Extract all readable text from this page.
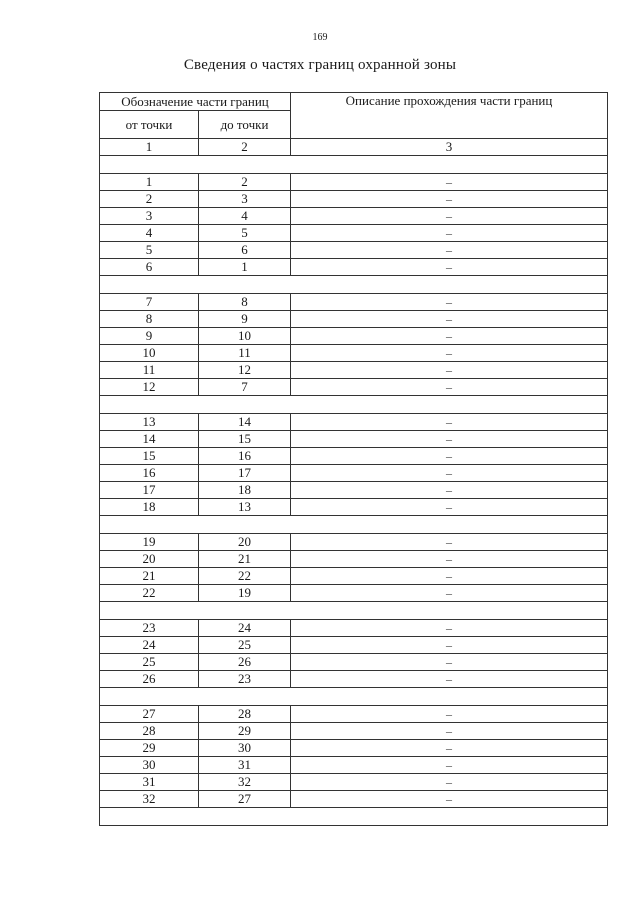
169
Сведения о частях границ охранной зоны
Обозначение части границ		Описание прохождения части границ
от точки	до точки	
1	2	3

1	2	–
2	3	–
3	4	–
4	5	–
5	6	–
6	1	–

7	8	–
8	9	–
9	10	–
10	11	–
11	12	–
12	7	–

13	14	–
14	15	–
15	16	–
16	17	–
17	18	–
18	13	–

19	20	–
20	21	–
21	22	–
22	19	–

23	24	–
24	25	–
25	26	–
26	23	–

27	28	–
28	29	–
29	30	–
30	31	–
31	32	–
32	27	–
